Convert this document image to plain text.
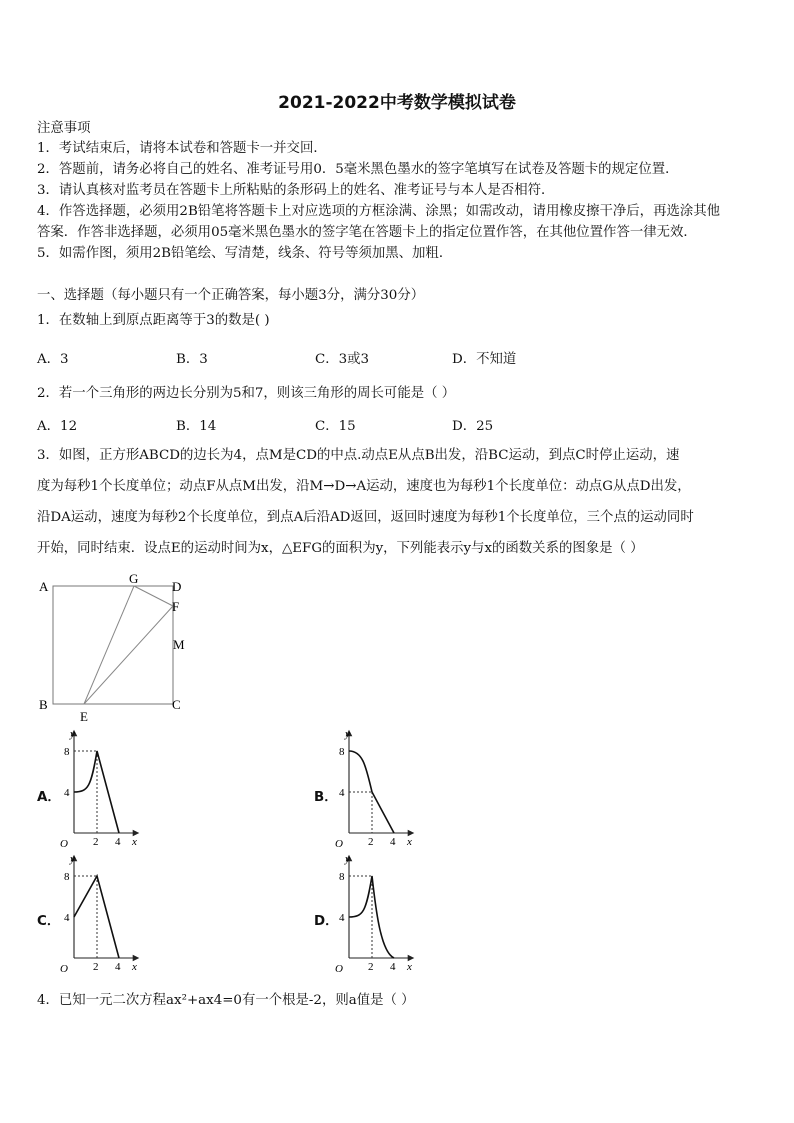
2021-2022中考数学模拟试卷
注意事项
1．考试结束后，请将本试卷和答题卡一并交回．
2．答题前，请务必将自己的姓名、准考证号用0．5毫米黑色墨水的签字笔填写在试卷及答题卡的规定位置．
3．请认真核对监考员在答题卡上所粘贴的条形码上的姓名、准考证号与本人是否相符．
4．作答选择题，必须用2B铅笔将答题卡上对应选项的方框涂满、涂黑；如需改动，请用橡皮擦干净后，再选涂其他
答案．作答非选择题，必须用05毫米黑色墨水的签字笔在答题卡上的指定位置作答，在其他位置作答一律无效．
5．如需作图，须用2B铅笔绘、写清楚，线条、符号等须加黑、加粗．
一、选择题（每小题只有一个正确答案，每小题3分，满分30分）
1．在数轴上到原点距离等于3的数是( )
A．3	B．3	C．3或3	D．不知道
2．若一个三角形的两边长分别为5和7，则该三角形的周长可能是（ ）
A．12	B．14	C．15	D．25
3．如图，正方形ABCD的边长为4，点M是CD的中点.动点E从点B出发，沿BC运动，到点C时停止运动，速
度为每秒1个长度单位；动点F从点M出发，沿M→D→A运动，速度也为每秒1个长度单位：动点G从点D出发，
沿DA运动，速度为每秒2个长度单位，到点A后沿AD返回，返回时速度为每秒1个长度单位，三个点的运动同时
开始，同时结束．设点E的运动时间为x，△EFG的面积为y，下列能表示y与x的函数关系的图象是（ ）
A
G
D
F
M
B	C
E
A．	B．
C．	D．
y
8
4
O 2 4 x
y
8
4
O 2 4 x
y
8
4
O 2 4 x
y
8
4
O 2 4 x
4．已知一元二次方程ax²+ax4=0有一个根是-2，则a值是（ ）
